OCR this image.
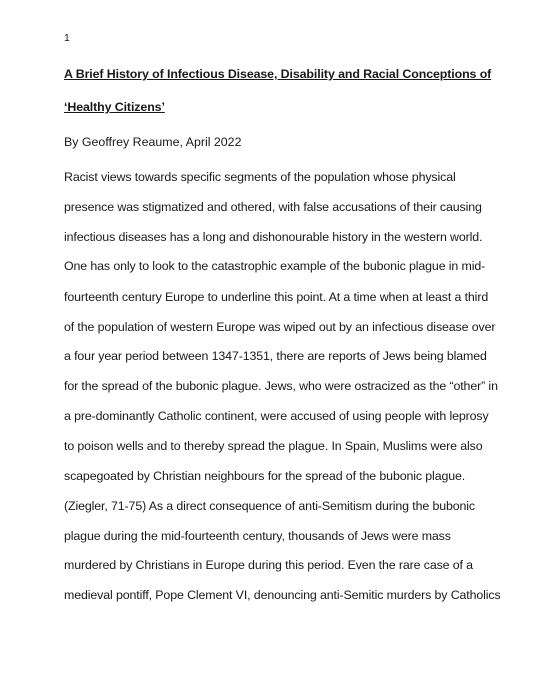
1
A Brief History of Infectious Disease, Disability and Racial Conceptions of
‘Healthy Citizens’
By Geoffrey Reaume, April 2022
Racist views towards specific segments of the population whose physical
presence was stigmatized and othered, with false accusations of their causing
infectious diseases has a long and dishonourable history in the western world.
One has only to look to the catastrophic example of the bubonic plague in mid-
fourteenth century Europe to underline this point. At a time when at least a third
of the population of western Europe was wiped out by an infectious disease over
a four year period between 1347-1351, there are reports of Jews being blamed
for the spread of the bubonic plague. Jews, who were ostracized as the “other” in
a pre-dominantly Catholic continent, were accused of using people with leprosy
to poison wells and to thereby spread the plague. In Spain, Muslims were also
scapegoated by Christian neighbours for the spread of the bubonic plague.
(Ziegler, 71-75) As a direct consequence of anti-Semitism during the bubonic
plague during the mid-fourteenth century, thousands of Jews were mass
murdered by Christians in Europe during this period. Even the rare case of a
medieval pontiff, Pope Clement VI, denouncing anti-Semitic murders by Catholics
